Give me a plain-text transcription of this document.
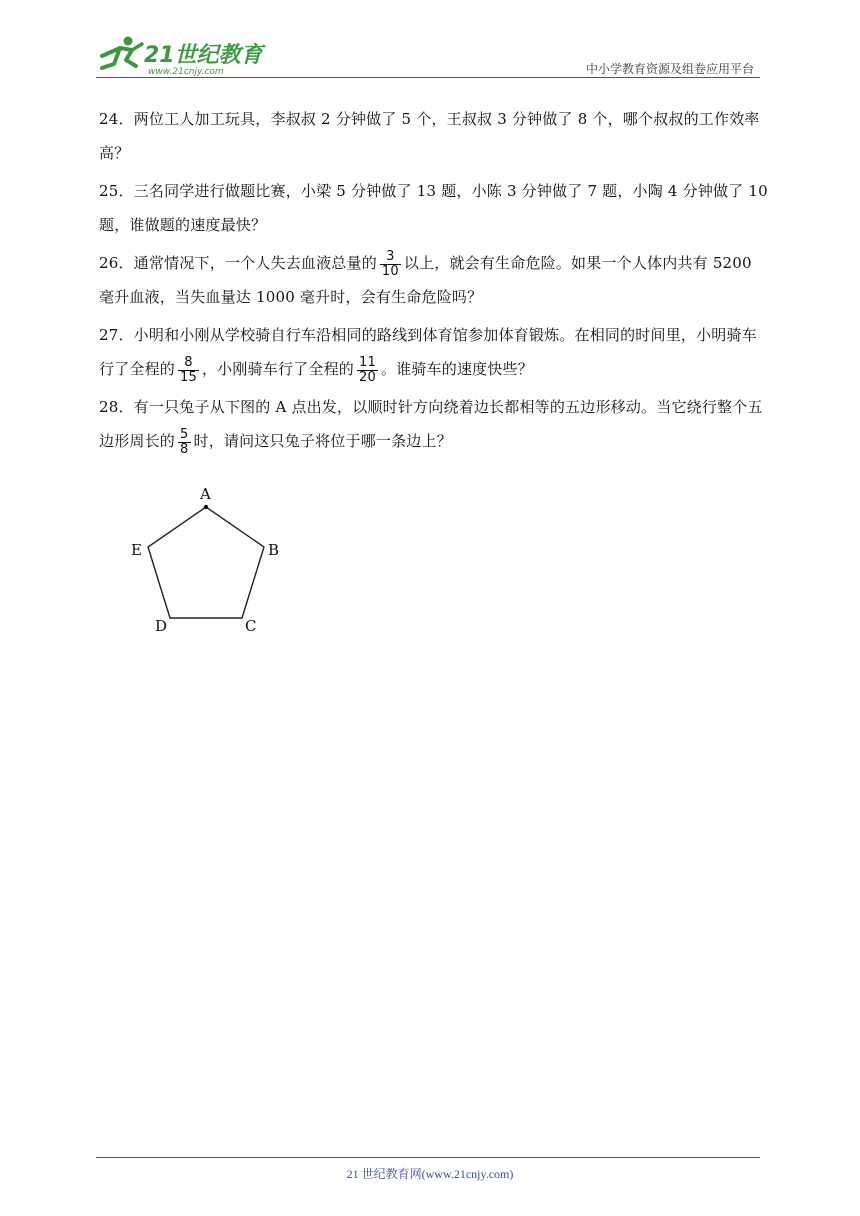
21世纪教育
www.21cnjy.com	中小学教育资源及组卷应用平台

24．两位工人加工玩具，李叔叔 2 分钟做了 5 个，王叔叔 3 分钟做了 8 个，哪个叔叔的工作效率高？

25．三名同学进行做题比赛，小梁 5 分钟做了 13 题，小陈 3 分钟做了 7 题，小陶 4 分钟做了 10 题，谁做题的速度最快？

26．通常情况下，一个人失去血液总量的 $\frac{3}{10}$ 以上，就会有生命危险。如果一个人体内共有 5200 毫升血液，当失血量达 1000 毫升时，会有生命危险吗？

27．小明和小刚从学校骑自行车沿相同的路线到体育馆参加体育锻炼。在相同的时间里，小明骑车行了全程的 $\frac{8}{15}$ ，小刚骑车行了全程的 $\frac{11}{20}$ 。谁骑车的速度快些？

28．有一只兔子从下图的 A 点出发，以顺时针方向绕着边长都相等的五边形移动。当它绕行整个五边形周长的 $\frac{5}{8}$ 时，请问这只兔子将位于哪一条边上？

A
B
C
D
E
21 世纪教育网(www.21cnjy.com)
